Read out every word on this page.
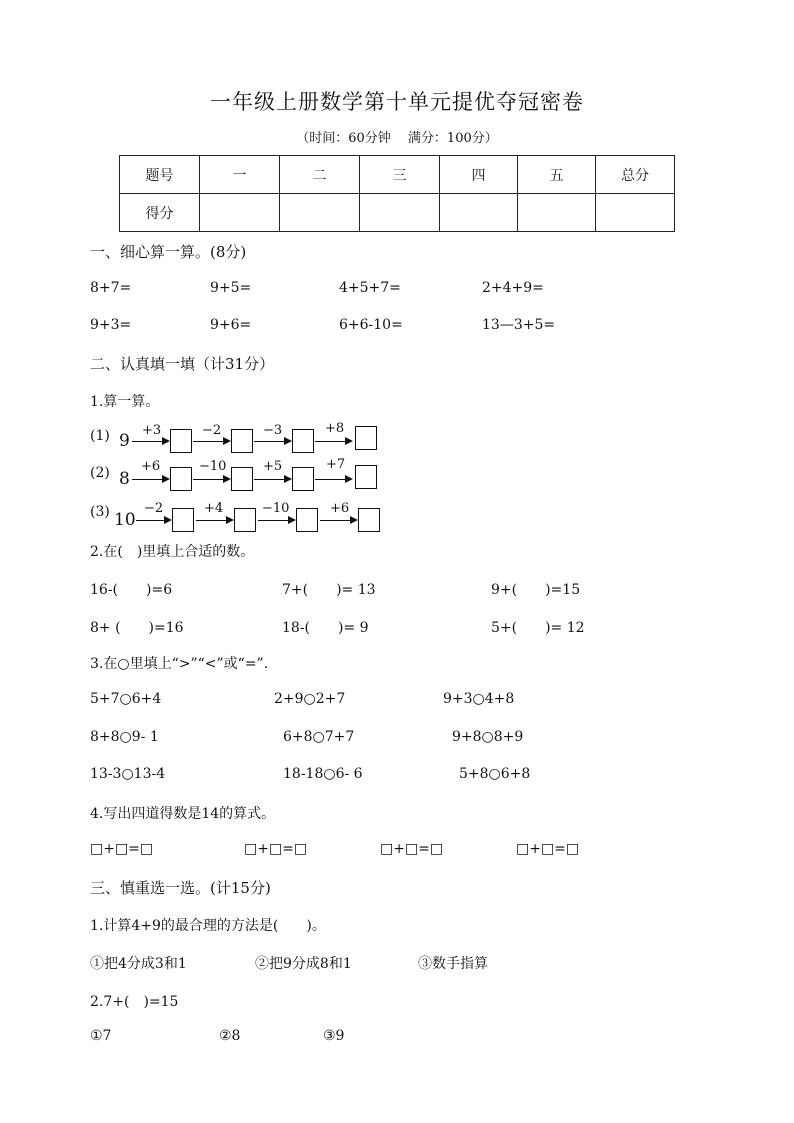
一年级上册数学第十单元提优夺冠密卷
（时间：60分钟　 满分：100分）
题号	一	二	三	四	五	总分
得分						
一、细心算一算。(8分)
8+7=	9+5=	4+5+7=	2+4+9=
9+3=	9+6=	6+6-10=	13—3+5=
二、认真填一填（计31分）
1.算一算。
(1) 9
+3	−2	−3	+8
(2) 8
+6	−10	+5	+7
(3) 10
−2	+4	−10	+6
2.在(　)里填上合适的数。
16-(　　)=6	7+(　　)= 13	9+(　　)=15
8+ (　　)=16	18-(　　)= 9	5+(　　)= 12
3.在○里填上“>”“<”或“=”.
5+7○6+4	2+9○2+7	9+3○4+8
8+8○9- 1	6+8○7+7	9+8○8+9
13-3○13-4	18-18○6- 6	5+8○6+8
4.写出四道得数是14的算式。
□+□=□	□+□=□	□+□=□	□+□=□
三、慎重选一选。(计15分)
1.计算4+9的最合理的方法是(　　)。
①把4分成3和1	②把9分成8和1	③数手指算
2.7+(　)=15
①7	②8	③9
